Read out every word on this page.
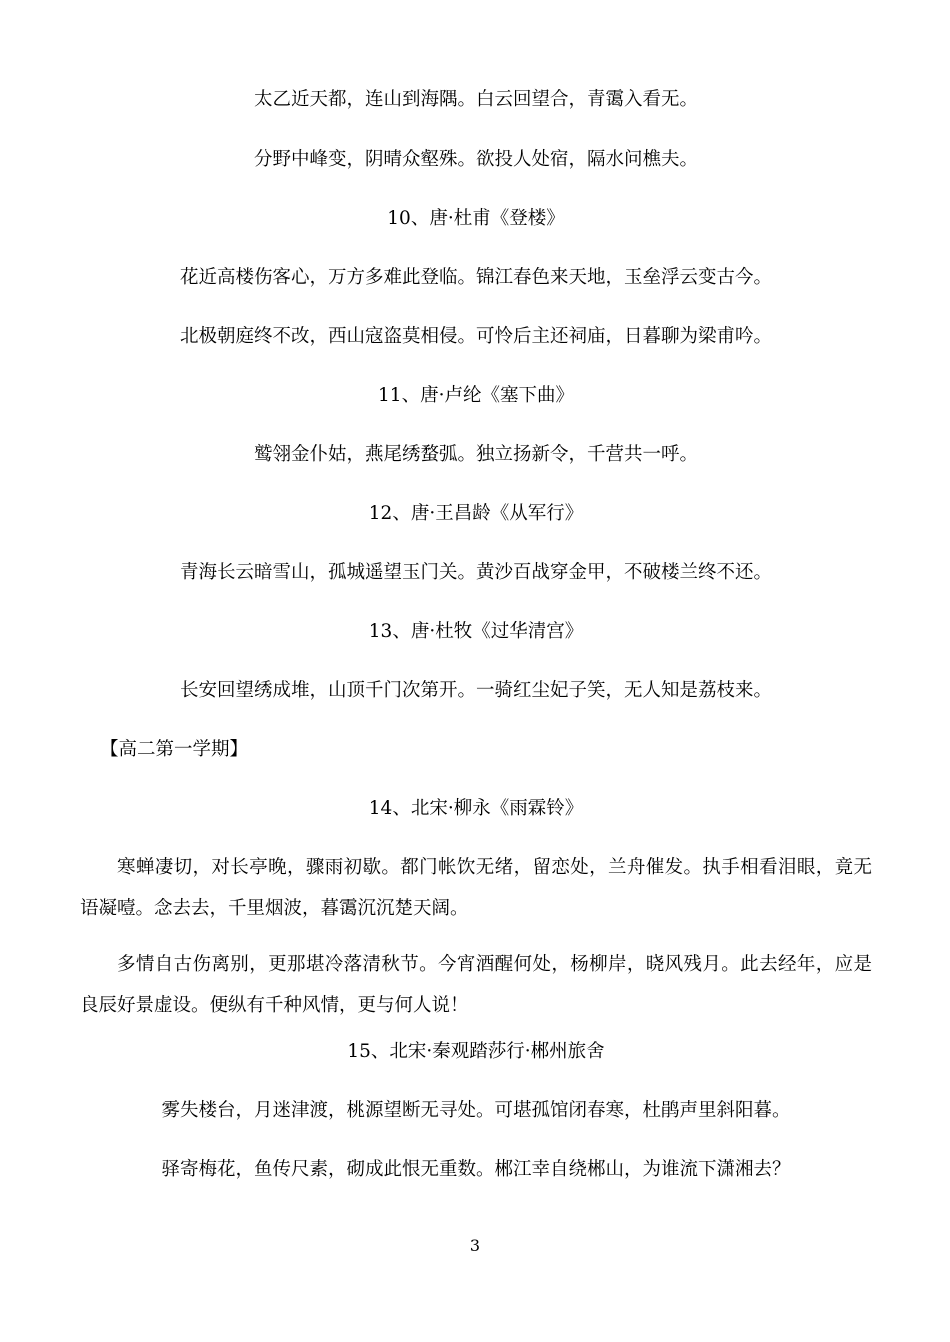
太乙近天都，连山到海隅。白云回望合，青霭入看无。

分野中峰变，阴晴众壑殊。欲投人处宿，隔水问樵夫。

10、唐·杜甫《登楼》

花近高楼伤客心，万方多难此登临。锦江春色来天地，玉垒浮云变古今。

北极朝庭终不改，西山寇盗莫相侵。可怜后主还祠庙，日暮聊为梁甫吟。

11、唐·卢纶《塞下曲》

鹫翎金仆姑，燕尾绣蝥弧。独立扬新令，千营共一呼。

12、唐·王昌龄《从军行》

青海长云暗雪山，孤城遥望玉门关。黄沙百战穿金甲，不破楼兰终不还。

13、唐·杜牧《过华清宫》

长安回望绣成堆，山顶千门次第开。一骑红尘妃子笑，无人知是荔枝来。

【高二第一学期】

14、北宋·柳永《雨霖铃》

寒蝉凄切，对长亭晚，骤雨初歇。都门帐饮无绪，留恋处，兰舟催发。执手相看泪眼，竟无语凝噎。念去去，千里烟波，暮霭沉沉楚天阔。

多情自古伤离别，更那堪冷落清秋节。今宵酒醒何处，杨柳岸，晓风残月。此去经年，应是良辰好景虚设。便纵有千种风情，更与何人说！

15、北宋·秦观踏莎行·郴州旅舍

雾失楼台，月迷津渡，桃源望断无寻处。可堪孤馆闭春寒，杜鹃声里斜阳暮。

驿寄梅花，鱼传尺素，砌成此恨无重数。郴江幸自绕郴山，为谁流下潇湘去？

3
